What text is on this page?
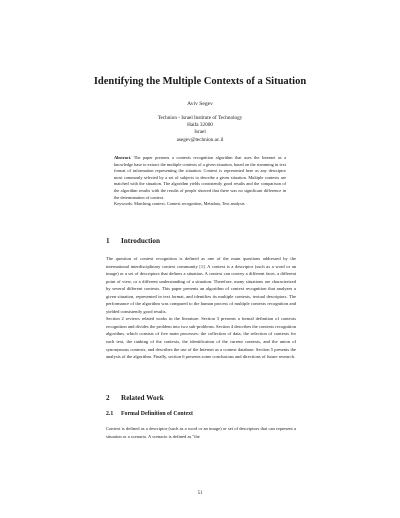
Identifying the Multiple Contexts of a Situation
Aviv Segev
Technion - Israel Institute of Technology
Haifa 32000
Israel
asegev@technion.ac.il
Abstract. The paper presents a contexts recognition algorithm that uses the Internet as a knowledge base to extract the multiple contexts of a given situation, based on the streaming in text format of information representing the situation. Context is represented here as any descriptor most commonly selected by a set of subjects to describe a given situation. Multiple contexts are matched with the situation. The algorithm yields consistently good results and the comparison of the algorithm results with the results of people showed that there was no significant difference in the determination of context.
Keywords: Matching context, Context recognition, Metadata, Text analysis
1 Introduction

The question of context recognition is defined as one of the main questions addressed by the international interdisciplinary context community [1]. A context is a descriptor (such as a word or an image) or a set of descriptors that defines a situation. A context can convey a different facet, a different point of view, or a different understanding of a situation. Therefore, many situations are characterized by several different contexts. This paper presents an algorithm of context recognition that analyzes a given situation, represented in text format, and identifies its multiple contexts, textual descriptors. The performance of the algorithm was compared to the human process of multiple contexts recognition and yielded consistently good results.

Section 2 reviews related works in the literature. Section 3 presents a formal definition of contexts recognition and divides the problem into two sub-problems. Section 4 describes the contexts recognition algorithm, which consists of five main processes: the collection of data, the selection of contexts for each text, the ranking of the contexts, the identification of the current contexts, and the union of synonymous contexts, and describes the use of the Internet as a context database. Section 5 presents the analysis of the algorithm. Finally, section 6 presents some conclusions and directions of future research.

2 Related Work
2.1 Formal Definition of Context

Context is defined as a descriptor (such as a word or an image) or set of descriptors that can represent a situation or a scenario. A scenario is defined as "the

51
